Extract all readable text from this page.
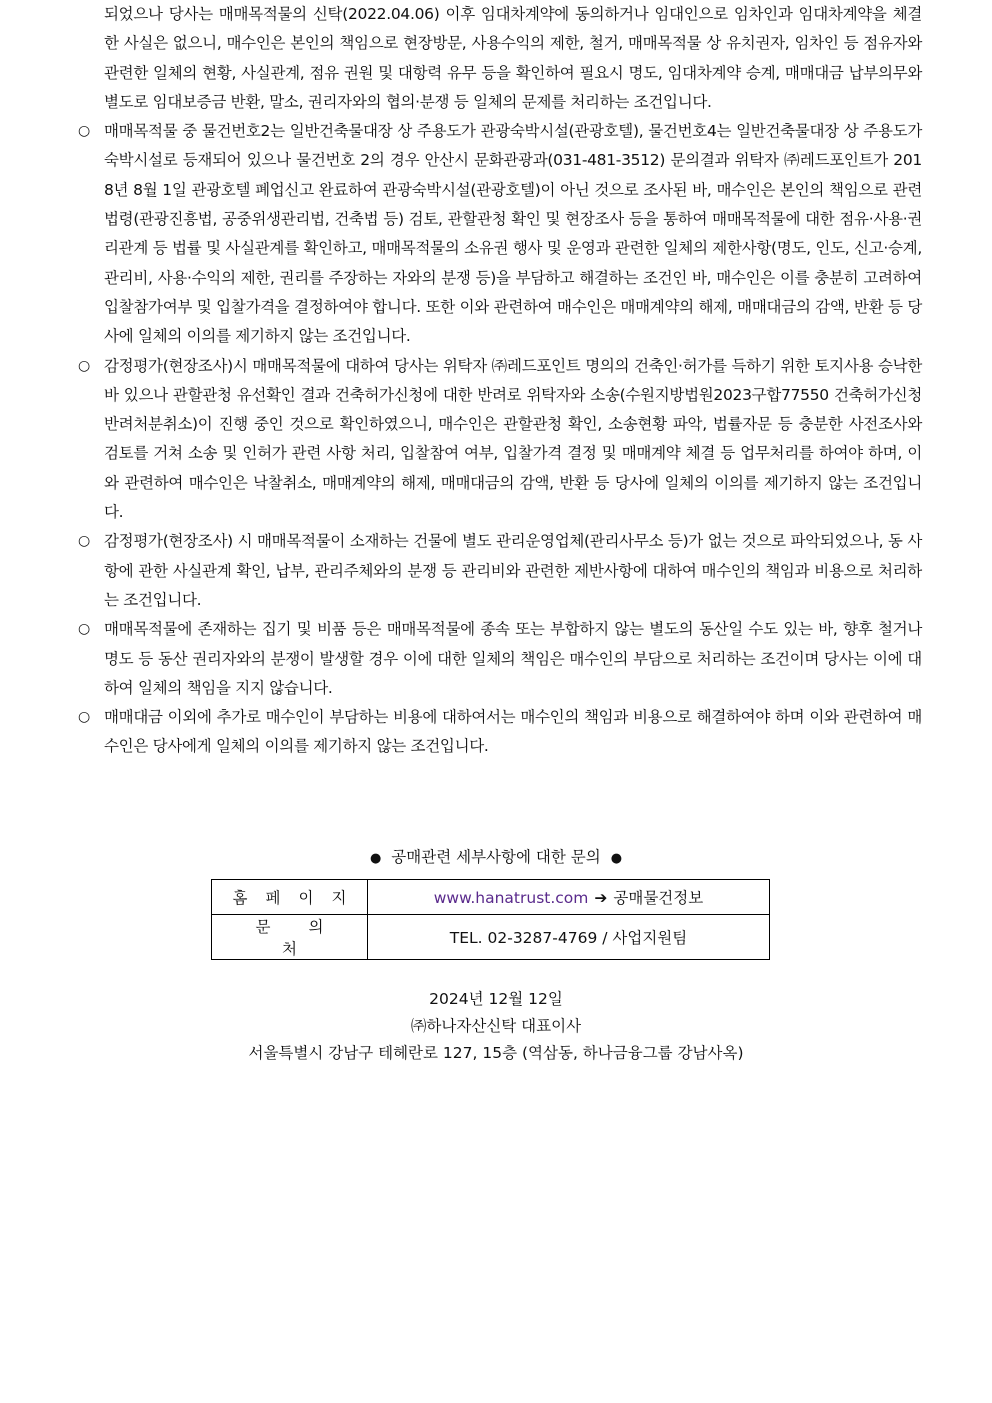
되었으나 당사는 매매목적물의 신탁(2022.04.06) 이후 임대차계약에 동의하거나 임대인으로 임차인과 임대차계약을 체결한 사실은 없으니, 매수인은 본인의 책임으로 현장방문, 사용수익의 제한, 철거, 매매목적물 상 유치권자, 임차인 등 점유자와 관련한 일체의 현황, 사실관계, 점유 권원 및 대항력 유무 등을 확인하여 필요시 명도, 임대차계약 승계, 매매대금 납부의무와 별도로 임대보증금 반환, 말소, 권리자와의 협의·분쟁 등 일체의 문제를 처리하는 조건입니다.
○ 매매목적물 중 물건번호2는 일반건축물대장 상 주용도가 관광숙박시설(관광호텔), 물건번호4는 일반건축물대장 상 주용도가 숙박시설로 등재되어 있으나 물건번호 2의 경우 안산시 문화관광과(031-481-3512) 문의결과 위탁자 ㈜레드포인트가 2018년 8월 1일 관광호텔 폐업신고 완료하여 관광숙박시설(관광호텔)이 아닌 것으로 조사된 바, 매수인은 본인의 책임으로 관련 법령(관광진흥법, 공중위생관리법, 건축법 등) 검토, 관할관청 확인 및 현장조사 등을 통하여 매매목적물에 대한 점유·사용·권리관계 등 법률 및 사실관계를 확인하고, 매매목적물의 소유권 행사 및 운영과 관련한 일체의 제한사항(명도, 인도, 신고·승계, 관리비, 사용·수익의 제한, 권리를 주장하는 자와의 분쟁 등)을 부담하고 해결하는 조건인 바, 매수인은 이를 충분히 고려하여 입찰참가여부 및 입찰가격을 결정하여야 합니다. 또한 이와 관련하여 매수인은 매매계약의 해제, 매매대금의 감액, 반환 등 당사에 일체의 이의를 제기하지 않는 조건입니다.
○ 감정평가(현장조사)시 매매목적물에 대하여 당사는 위탁자 ㈜레드포인트 명의의 건축인·허가를 득하기 위한 토지사용 승낙한 바 있으나 관할관청 유선확인 결과 건축허가신청에 대한 반려로 위탁자와 소송(수원지방법원2023구합77550 건축허가신청반려처분취소)이 진행 중인 것으로 확인하였으니, 매수인은 관할관청 확인, 소송현황 파악, 법률자문 등 충분한 사전조사와 검토를 거쳐 소송 및 인허가 관련 사항 처리, 입찰참여 여부, 입찰가격 결정 및 매매계약 체결 등 업무처리를 하여야 하며, 이와 관련하여 매수인은 낙찰취소, 매매계약의 해제, 매매대금의 감액, 반환 등 당사에 일체의 이의를 제기하지 않는 조건입니다.
○ 감정평가(현장조사) 시 매매목적물이 소재하는 건물에 별도 관리운영업체(관리사무소 등)가 없는 것으로 파악되었으나, 동 사항에 관한 사실관계 확인, 납부, 관리주체와의 분쟁 등 관리비와 관련한 제반사항에 대하여 매수인의 책임과 비용으로 처리하는 조건입니다.
○ 매매목적물에 존재하는 집기 및 비품 등은 매매목적물에 종속 또는 부합하지 않는 별도의 동산일 수도 있는 바, 향후 철거나 명도 등 동산 권리자와의 분쟁이 발생할 경우 이에 대한 일체의 책임은 매수인의 부담으로 처리하는 조건이며 당사는 이에 대하여 일체의 책임을 지지 않습니다.
○ 매매대금 이외에 추가로 매수인이 부담하는 비용에 대하여서는 매수인의 책임과 비용으로 해결하여야 하며 이와 관련하여 매수인은 당사에게 일체의 이의를 제기하지 않는 조건입니다.
● 공매관련 세부사항에 대한 문의 ●
홈페이지	www.hanatrust.com ➔ 공매물건정보
문의처	TEL. 02-3287-4769 / 사업지원팀
2024년 12월 12일
㈜하나자산신탁 대표이사
서울특별시 강남구 테헤란로 127, 15층 (역삼동, 하나금융그룹 강남사옥)
